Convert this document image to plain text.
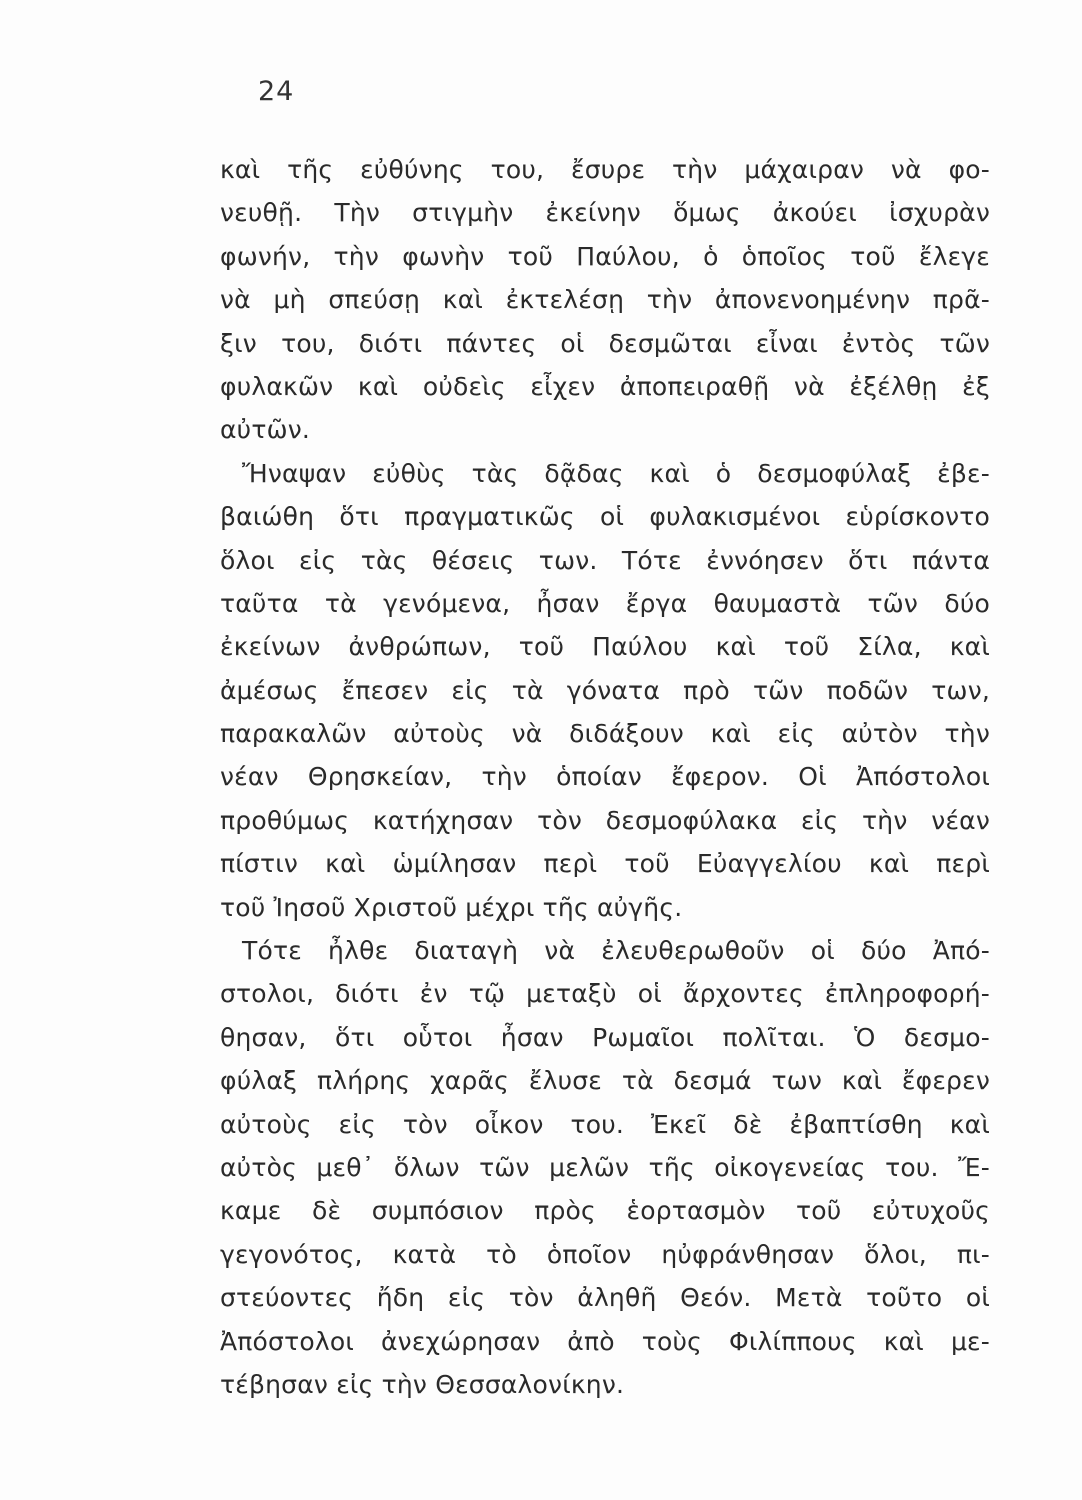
24
καὶ τῆς εὐθύνης του, ἔσυρε τὴν μάχαιραν νὰ φο-
νευθῇ. Τὴν στιγμὴν ἐκείνην ὅμως ἀκούει ἰσχυρὰν
φωνήν, τὴν φωνὴν τοῦ Παύλου, ὁ ὁποῖος τοῦ ἔλεγε
νὰ μὴ σπεύσῃ καὶ ἐκτελέσῃ τὴν ἀπονενοημένην πρᾶ-
ξιν του, διότι πάντες οἱ δεσμῶται εἶναι ἐντὸς τῶν
φυλακῶν καὶ οὐδεὶς εἶχεν ἀποπειραθῇ νὰ ἐξέλθῃ ἐξ
αὐτῶν.
Ἤναψαν εὐθὺς τὰς δᾷδας καὶ ὁ δεσμοφύλαξ ἐβε-
βαιώθη ὅτι πραγματικῶς οἱ φυλακισμένοι εὑρίσκοντο
ὅλοι εἰς τὰς θέσεις των. Τότε ἐννόησεν ὅτι πάντα
ταῦτα τὰ γενόμενα, ἦσαν ἔργα θαυμαστὰ τῶν δύο
ἐκείνων ἀνθρώπων, τοῦ Παύλου καὶ τοῦ Σίλα, καὶ
ἀμέσως ἔπεσεν εἰς τὰ γόνατα πρὸ τῶν ποδῶν των,
παρακαλῶν αὐτοὺς νὰ διδάξουν καὶ εἰς αὐτὸν τὴν
νέαν Θρησκείαν, τὴν ὁποίαν ἔφερον. Οἱ Ἀπόστολοι
προθύμως κατήχησαν τὸν δεσμοφύλακα εἰς τὴν νέαν
πίστιν καὶ ὡμίλησαν περὶ τοῦ Εὐαγγελίου καὶ περὶ
τοῦ Ἰησοῦ Χριστοῦ μέχρι τῆς αὐγῆς.
Τότε ἦλθε διαταγὴ νὰ ἐλευθερωθοῦν οἱ δύο Ἀπό-
στολοι, διότι ἐν τῷ μεταξὺ οἱ ἄρχοντες ἐπληροφορή-
θησαν, ὅτι οὗτοι ἦσαν Ρωμαῖοι πολῖται. Ὁ δεσμο-
φύλαξ πλήρης χαρᾶς ἔλυσε τὰ δεσμά των καὶ ἔφερεν
αὐτοὺς εἰς τὸν οἶκον του. Ἐκεῖ δὲ ἐβαπτίσθη καὶ
αὐτὸς μεθ᾽ ὅλων τῶν μελῶν τῆς οἰκογενείας του. Ἔ-
καμε δὲ συμπόσιον πρὸς ἑορτασμὸν τοῦ εὐτυχοῦς
γεγονότος, κατὰ τὸ ὁποῖον ηὐφράνθησαν ὅλοι, πι-
στεύοντες ἤδη εἰς τὸν ἀληθῆ Θεόν. Μετὰ τοῦτο οἱ
Ἀπόστολοι ἀνεχώρησαν ἀπὸ τοὺς Φιλίππους καὶ με-
τέβησαν εἰς τὴν Θεσσαλονίκην.
